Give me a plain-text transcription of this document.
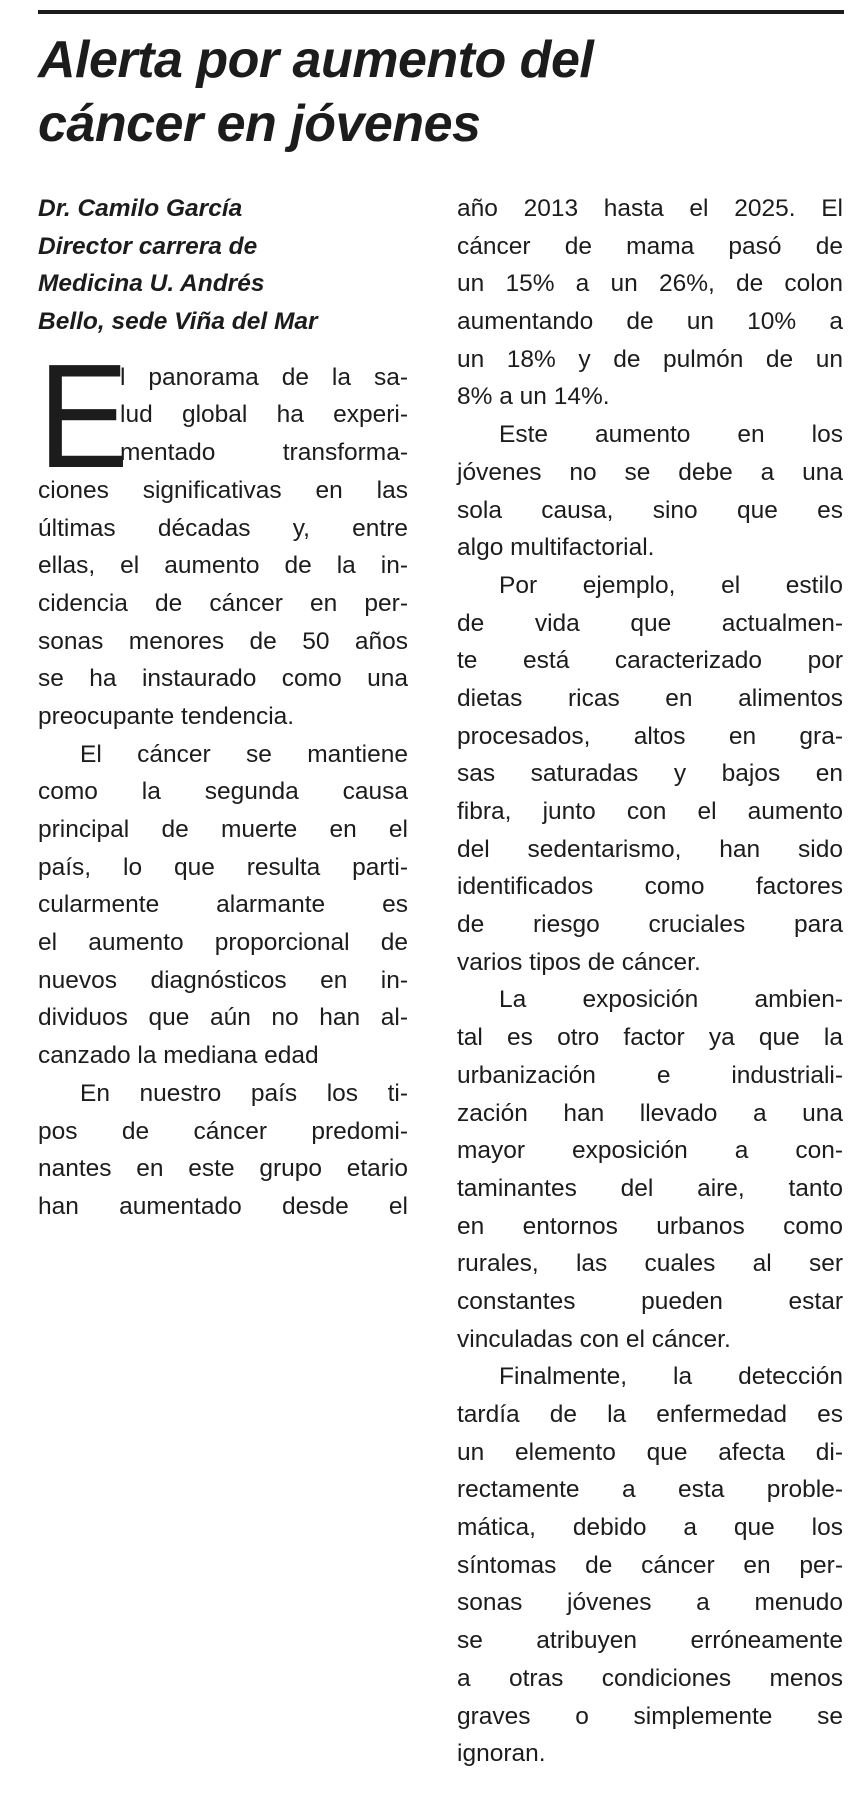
Alerta por aumento del
cáncer en jóvenes
Dr. Camilo García
Director carrera de
Medicina U. Andrés
Bello, sede Viña del Mar
E
l panorama de la sa-
lud global ha experi-
mentado transforma-
ciones significativas en las
últimas décadas y, entre
ellas, el aumento de la in-
cidencia de cáncer en per-
sonas menores de 50 años
se ha instaurado como una
preocupante tendencia.
El cáncer se mantiene
como la segunda causa
principal de muerte en el
país, lo que resulta parti-
cularmente alarmante es
el aumento proporcional de
nuevos diagnósticos en in-
dividuos que aún no han al-
canzado la mediana edad
En nuestro país los ti-
pos de cáncer predomi-
nantes en este grupo etario
han aumentado desde el
año 2013 hasta el 2025. El
cáncer de mama pasó de
un 15% a un 26%, de colon
aumentando de un 10% a
un 18% y de pulmón de un
8% a un 14%.
Este aumento en los
jóvenes no se debe a una
sola causa, sino que es
algo multifactorial.
Por ejemplo, el estilo
de vida que actualmen-
te está caracterizado por
dietas ricas en alimentos
procesados, altos en gra-
sas saturadas y bajos en
fibra, junto con el aumento
del sedentarismo, han sido
identificados como factores
de riesgo cruciales para
varios tipos de cáncer.
La exposición ambien-
tal es otro factor ya que la
urbanización e industriali-
zación han llevado a una
mayor exposición a con-
taminantes del aire, tanto
en entornos urbanos como
rurales, las cuales al ser
constantes pueden estar
vinculadas con el cáncer.
Finalmente, la detección
tardía de la enfermedad es
un elemento que afecta di-
rectamente a esta proble-
mática, debido a que los
síntomas de cáncer en per-
sonas jóvenes a menudo
se atribuyen erróneamente
a otras condiciones menos
graves o simplemente se
ignoran.
